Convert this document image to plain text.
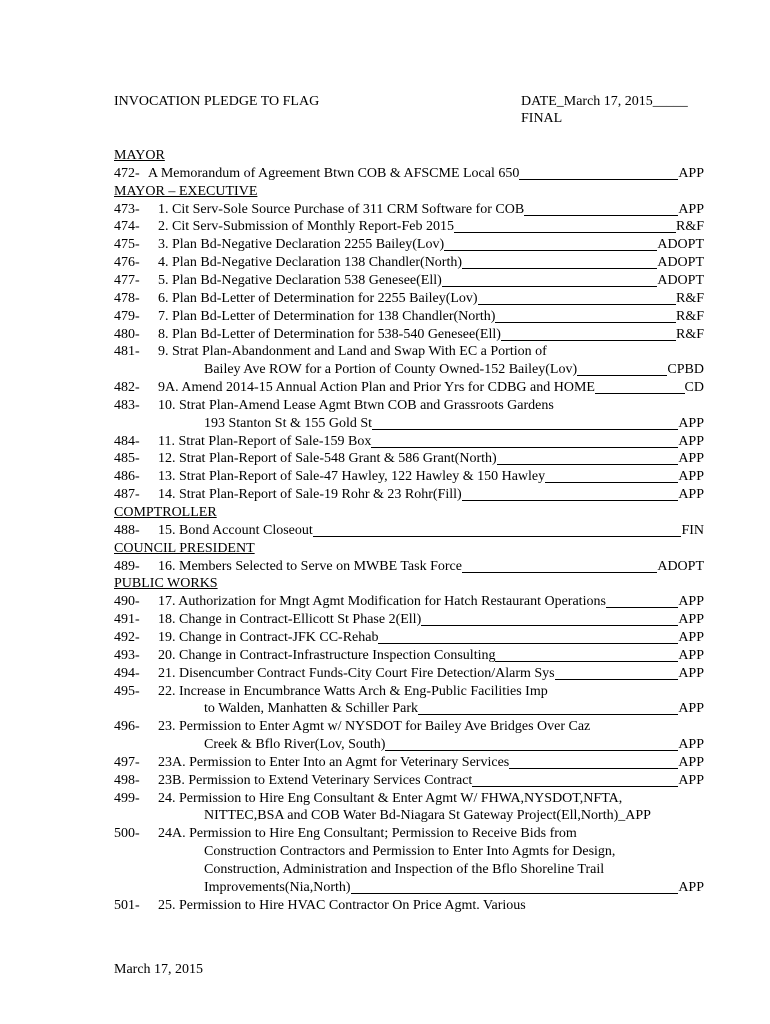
INVOCATION PLEDGE TO FLAG	DATE_March 17, 2015_____
FINAL
MAYOR
472- A Memorandum of Agreement Btwn COB & AFSCME Local 650	APP
MAYOR – EXECUTIVE
473- 1. Cit Serv-Sole Source Purchase of 311 CRM Software for COB	APP
474- 2. Cit Serv-Submission of Monthly Report-Feb 2015	R&F
475- 3. Plan Bd-Negative Declaration 2255 Bailey(Lov)	ADOPT
476- 4. Plan Bd-Negative Declaration 138 Chandler(North)	ADOPT
477- 5. Plan Bd-Negative Declaration 538 Genesee(Ell)	ADOPT
478- 6. Plan Bd-Letter of Determination for 2255 Bailey(Lov)	R&F
479- 7. Plan Bd-Letter of Determination for 138 Chandler(North)	R&F
480- 8. Plan Bd-Letter of Determination for 538-540 Genesee(Ell)	R&F
481- 9. Strat Plan-Abandonment and Land and Swap With EC a Portion of
Bailey Ave ROW for a Portion of County Owned-152 Bailey(Lov)	CPBD
482- 9A. Amend 2014-15 Annual Action Plan and Prior Yrs for CDBG and HOME	CD
483- 10. Strat Plan-Amend Lease Agmt Btwn COB and Grassroots Gardens
193 Stanton St & 155 Gold St	APP
484- 11. Strat Plan-Report of Sale-159 Box	APP
485- 12. Strat Plan-Report of Sale-548 Grant & 586 Grant(North)	APP
486- 13. Strat Plan-Report of Sale-47 Hawley, 122 Hawley & 150 Hawley	APP
487- 14. Strat Plan-Report of Sale-19 Rohr & 23 Rohr(Fill)	APP
COMPTROLLER
488- 15. Bond Account Closeout	FIN
COUNCIL PRESIDENT
489- 16. Members Selected to Serve on MWBE Task Force	ADOPT
PUBLIC WORKS
490- 17. Authorization for Mngt Agmt Modification for Hatch Restaurant Operations	APP
491- 18. Change in Contract-Ellicott St Phase 2(Ell)	APP
492- 19. Change in Contract-JFK CC-Rehab	APP
493- 20. Change in Contract-Infrastructure Inspection Consulting	APP
494- 21. Disencumber Contract Funds-City Court Fire Detection/Alarm Sys	APP
495- 22. Increase in Encumbrance Watts Arch & Eng-Public Facilities Imp
to Walden, Manhatten & Schiller Park	APP
496- 23. Permission to Enter Agmt w/ NYSDOT for Bailey Ave Bridges Over Caz
Creek & Bflo River(Lov, South)	APP
497- 23A. Permission to Enter Into an Agmt for Veterinary Services	APP
498- 23B. Permission to Extend Veterinary Services Contract	APP
499- 24. Permission to Hire Eng Consultant & Enter Agmt W/ FHWA,NYSDOT,NFTA,
NITTEC,BSA and COB Water Bd-Niagara St Gateway Project(Ell,North)_APP
500- 24A. Permission to Hire Eng Consultant; Permission to Receive Bids from
Construction Contractors and Permission to Enter Into Agmts for Design,
Construction, Administration and Inspection of the Bflo Shoreline Trail
Improvements(Nia,North)	APP
501- 25. Permission to Hire HVAC Contractor On Price Agmt. Various
March 17, 2015
